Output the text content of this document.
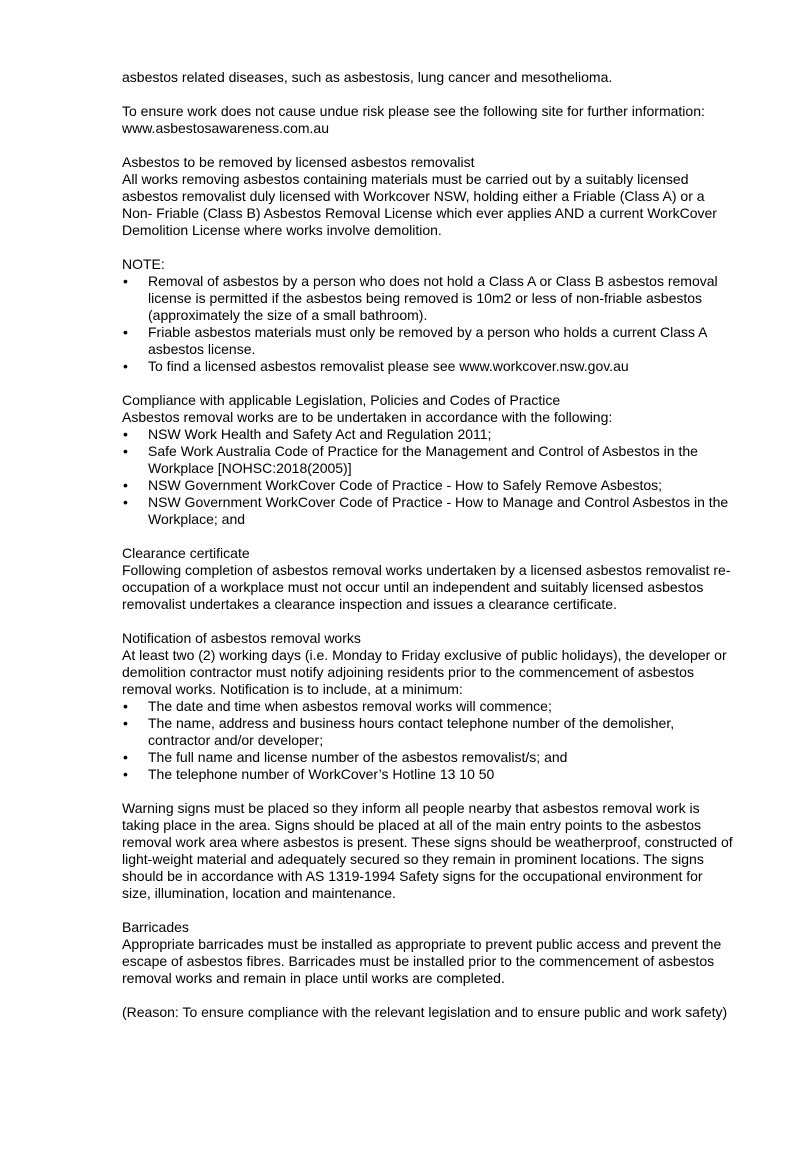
asbestos related diseases, such as asbestosis, lung cancer and mesothelioma.

To ensure work does not cause undue risk please see the following site for further information: www.asbestosawareness.com.au

Asbestos to be removed by licensed asbestos removalist

All works removing asbestos containing materials must be carried out by a suitably licensed asbestos removalist duly licensed with Workcover NSW, holding either a Friable (Class A) or a Non- Friable (Class B) Asbestos Removal License which ever applies AND a current WorkCover Demolition License where works involve demolition.

NOTE:

• Removal of asbestos by a person who does not hold a Class A or Class B asbestos removal license is permitted if the asbestos being removed is 10m2 or less of non-friable asbestos (approximately the size of a small bathroom).
• Friable asbestos materials must only be removed by a person who holds a current Class A asbestos license.
• To find a licensed asbestos removalist please see www.workcover.nsw.gov.au

Compliance with applicable Legislation, Policies and Codes of Practice

Asbestos removal works are to be undertaken in accordance with the following:

• NSW Work Health and Safety Act and Regulation 2011;
• Safe Work Australia Code of Practice for the Management and Control of Asbestos in the Workplace [NOHSC:2018(2005)]
• NSW Government WorkCover Code of Practice - How to Safely Remove Asbestos;
• NSW Government WorkCover Code of Practice - How to Manage and Control Asbestos in the Workplace; and

Clearance certificate

Following completion of asbestos removal works undertaken by a licensed asbestos removalist re-occupation of a workplace must not occur until an independent and suitably licensed asbestos removalist undertakes a clearance inspection and issues a clearance certificate.

Notification of asbestos removal works

At least two (2) working days (i.e. Monday to Friday exclusive of public holidays), the developer or demolition contractor must notify adjoining residents prior to the commencement of asbestos removal works. Notification is to include, at a minimum:

• The date and time when asbestos removal works will commence;
• The name, address and business hours contact telephone number of the demolisher, contractor and/or developer;
• The full name and license number of the asbestos removalist/s; and
• The telephone number of WorkCover’s Hotline 13 10 50

Warning signs must be placed so they inform all people nearby that asbestos removal work is taking place in the area. Signs should be placed at all of the main entry points to the asbestos removal work area where asbestos is present. These signs should be weatherproof, constructed of light-weight material and adequately secured so they remain in prominent locations. The signs should be in accordance with AS 1319-1994 Safety signs for the occupational environment for size, illumination, location and maintenance.

Barricades

Appropriate barricades must be installed as appropriate to prevent public access and prevent the escape of asbestos fibres. Barricades must be installed prior to the commencement of asbestos removal works and remain in place until works are completed.

(Reason: To ensure compliance with the relevant legislation and to ensure public and work safety)
